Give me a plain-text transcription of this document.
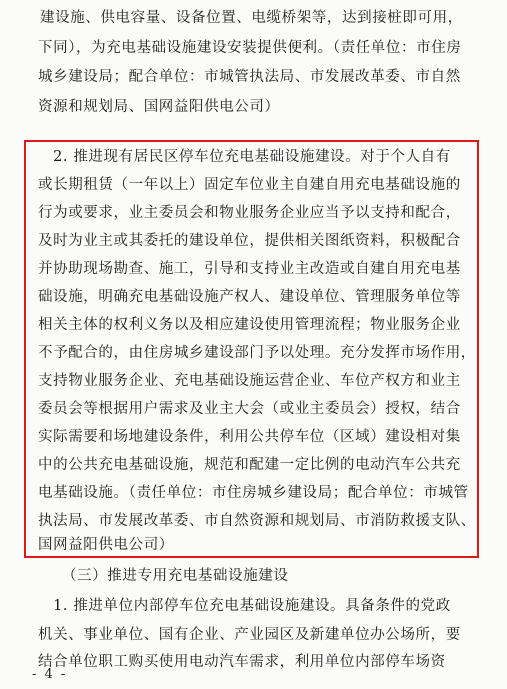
建设施、供电容量、设备位置、电缆桥架等，达到接桩即可用，
下同），为充电基础设施建设安装提供便利。（责任单位：市住房
城乡建设局；配合单位：市城管执法局、市发展改革委、市自然
资源和规划局、国网益阳供电公司）
　2. 推进现有居民区停车位充电基础设施建设。对于个人自有
或长期租赁（一年以上）固定车位业主自建自用充电基础设施的
行为或要求，业主委员会和物业服务企业应当予以支持和配合，
及时为业主或其委托的建设单位，提供相关图纸资料，积极配合
并协助现场勘查、施工，引导和支持业主改造或自建自用充电基
础设施，明确充电基础设施产权人、建设单位、管理服务单位等
相关主体的权利义务以及相应建设使用管理流程；物业服务企业
不予配合的，由住房城乡建设部门予以处理。充分发挥市场作用，
支持物业服务企业、充电基础设施运营企业、车位产权方和业主
委员会等根据用户需求及业主大会（或业主委员会）授权，结合
实际需要和场地建设条件，利用公共停车位（区域）建设相对集
中的公共充电基础设施，规范和配建一定比例的电动汽车公共充
电基础设施。（责任单位：市住房城乡建设局；配合单位：市城管
执法局、市发展改革委、市自然资源和规划局、市消防救援支队、
国网益阳供电公司）
（三）推进专用充电基础设施建设
　1. 推进单位内部停车位充电基础设施建设。具备条件的党政
机关、事业单位、国有企业、产业园区及新建单位办公场所，要
结合单位职工购买使用电动汽车需求，利用单位内部停车场资
- 4 -
